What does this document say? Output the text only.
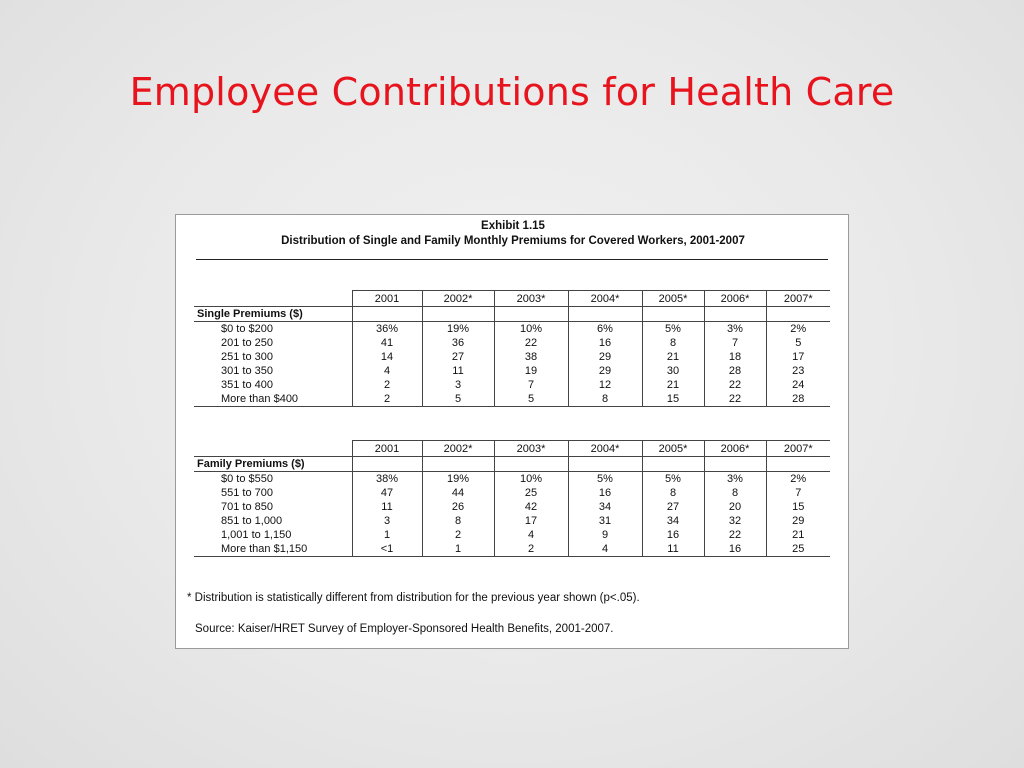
Employee Contributions for Health Care
Exhibit 1.15
Distribution of Single and Family Monthly Premiums for Covered Workers, 2001-2007
	2001	2002*	2003*	2004*	2005*	2006*	2007*
Single Premiums ($)							
$0 to $200	36%	19%	10%	6%	5%	3%	2%
201 to 250	41	36	22	16	8	7	5
251 to 300	14	27	38	29	21	18	17
301 to 350	4	11	19	29	30	28	23
351 to 400	2	3	7	12	21	22	24
More than $400	2	5	5	8	15	22	28
	2001	2002*	2003*	2004*	2005*	2006*	2007*
Family Premiums ($)							
$0 to $550	38%	19%	10%	5%	5%	3%	2%
551 to 700	47	44	25	16	8	8	7
701 to 850	11	26	42	34	27	20	15
851 to 1,000	3	8	17	31	34	32	29
1,001 to 1,150	1	2	4	9	16	22	21
More than $1,150	<1	1	2	4	11	16	25
* Distribution is statistically different from distribution for the previous year shown (p<.05).
Source: Kaiser/HRET Survey of Employer-Sponsored Health Benefits, 2001-2007.
